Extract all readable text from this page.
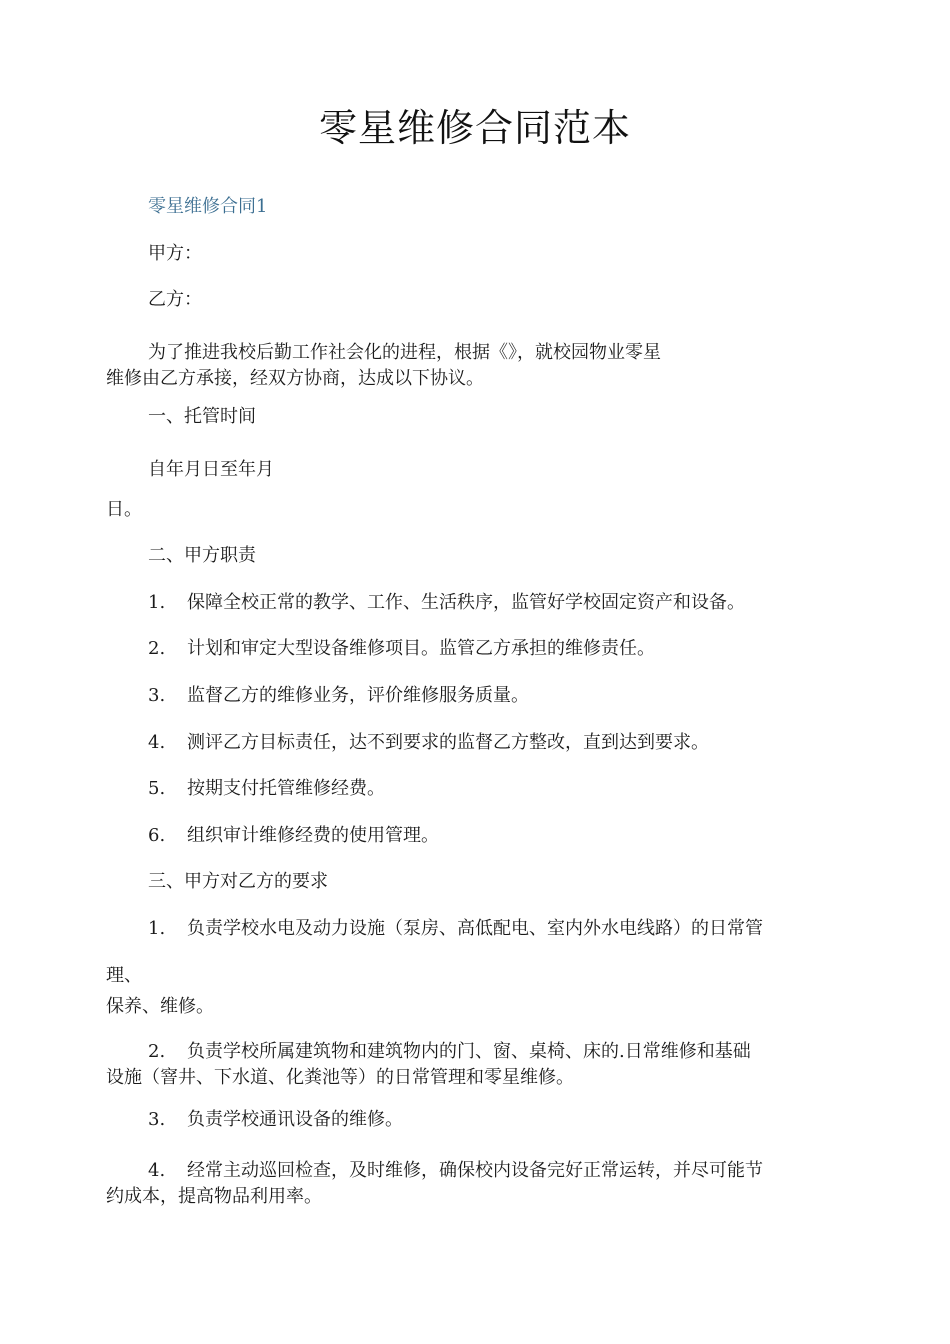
零星维修合同范本

零星维修合同1

甲方：

乙方：

为了推进我校后勤工作社会化的进程，根据《》，就校园物业零星

维修由乙方承接，经双方协商，达成以下协议。

一、托管时间

自年月日至年月

日。

二、甲方职责

1. 保障全校正常的教学、工作、生活秩序，监管好学校固定资产和设备。

2. 计划和审定大型设备维修项目。监管乙方承担的维修责任。

3. 监督乙方的维修业务，评价维修服务质量。

4. 测评乙方目标责任，达不到要求的监督乙方整改，直到达到要求。

5. 按期支付托管维修经费。

6. 组织审计维修经费的使用管理。

三、甲方对乙方的要求

1. 负责学校水电及动力设施（泵房、高低配电、室内外水电线路）的日常管

理、

保养、维修。

2. 负责学校所属建筑物和建筑物内的门、窗、桌椅、床的.日常维修和基础

设施（窨井、下水道、化粪池等）的日常管理和零星维修。

3. 负责学校通讯设备的维修。

4. 经常主动巡回检查，及时维修，确保校内设备完好正常运转，并尽可能节

约成本，提高物品利用率。
